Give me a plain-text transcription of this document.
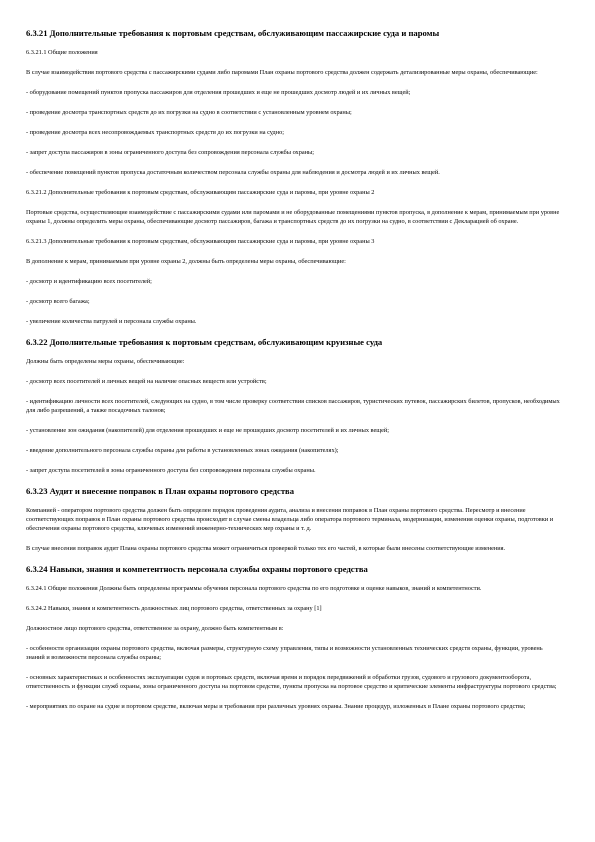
6.3.21 Дополнительные требования к портовым средствам, обслуживающим пассажирские суда и паромы
6.3.21.1 Общие положения
В случае взаимодействия портового средства с пассажирскими судами либо паромами План охраны портового средства должен содержать детализированные меры охраны, обеспечивающие:
- оборудование помещений пунктов пропуска пассажиров для отделения прошедших и еще не прошедших досмотр людей и их личных вещей;
- проведение досмотра транспортных средств до их погрузки на судно в соответствии с установленным уровнем охраны;
- проведение досмотра всех несопровождаемых транспортных средств до их погрузки на судно;
- запрет доступа пассажиров в зоны ограниченного доступа без сопровождения персонала службы охраны;
- обеспечение помещений пунктов пропуска достаточным количеством персонала службы охраны для наблюдения и досмотра людей и их личных вещей.
6.3.21.2 Дополнительные требования к портовым средствам, обслуживающим пассажирские суда и паромы, при уровне охраны 2
Портовые средства, осуществляющие взаимодействие с пассажирскими судами или паромами и не оборудованные помещениями пунктов пропуска, в дополнение к мерам, принимаемым при уровне охраны 1, должны определить меры охраны, обеспечивающие досмотр пассажиров, багажа и транспортных средств до их погрузки на судно, в соответствии с Декларацией об охране.
6.3.21.3 Дополнительные требования к портовым средствам, обслуживающим пассажирские суда и паромы, при уровне охраны 3
В дополнение к мерам, принимаемым при уровне охраны 2, должны быть определены меры охраны, обеспечивающие:
- досмотр и идентификацию всех посетителей;
- досмотр всего багажа;
- увеличение количества патрулей и персонала службы охраны.
6.3.22 Дополнительные требования к портовым средствам, обслуживающим круизные суда
Должны быть определены меры охраны, обеспечивающие:
- досмотр всех посетителей и личных вещей на наличие опасных веществ или устройств;
- идентификацию личности всех посетителей, следующих на судно, в том числе проверку соответствия списков пассажиров, туристических путевок, пассажирских билетов, пропусков, необходимых для либо разрешений, а также посадочных талонов;
- установление зон ожидания (накопителей) для отделения прошедших и еще не прошедших досмотр посетителей и их личных вещей;
- введение дополнительного персонала службы охраны для работы в установленных зонах ожидания (накопителях);
- запрет доступа посетителей в зоны ограниченного доступа без сопровождения персонала службы охраны.
6.3.23 Аудит и внесение поправок в План охраны портового средства
Компанией - оператором портового средства должен быть определен порядок проведения аудита, анализа и внесения поправок в План охраны портового средства. Пересмотр и внесение соответствующих поправок в План охраны портового средства происходит в случае смены владельца либо оператора портового терминала, модернизации, изменения оценки охраны, подготовки и обеспечения охраны портового средства, ключевых изменений инженерно-технических мер охраны и т. д.
В случае внесения поправок аудит Плана охраны портового средства может ограничиться проверкой только тех его частей, в которые были внесены соответствующие изменения.
6.3.24 Навыки, знания и компетентность персонала службы охраны портового средства
6.3.24.1 Общие положения Должны быть определены программы обучения персонала портового средства по его подготовке и оценке навыков, знаний и компетентности.
6.3.24.2 Навыки, знания и компетентность должностных лиц портового средства, ответственных за охрану [1]
Должностное лицо портового средства, ответственное за охрану, должно быть компетентным в:
- особенности организации охраны портового средства, включая размеры, структурную схему управления, типы и возможности установленных технических средств охраны, функции, уровень знаний и возможности персонала службы охраны;
- основных характеристиках и особенностях эксплуатации судов и портовых средств, включая время и порядок передвижений и обработки грузов, судового и грузового документооборота, ответственность и функции служб охраны, зоны ограниченного доступа на портовом средстве, пункты пропуска на портовое средство и критические элементы инфраструктуры портового средства;
- мероприятиях по охране на судне и портовом средстве, включая меры и требования при различных уровнях охраны. Знание процедур, изложенных в Плане охраны портового средства;
